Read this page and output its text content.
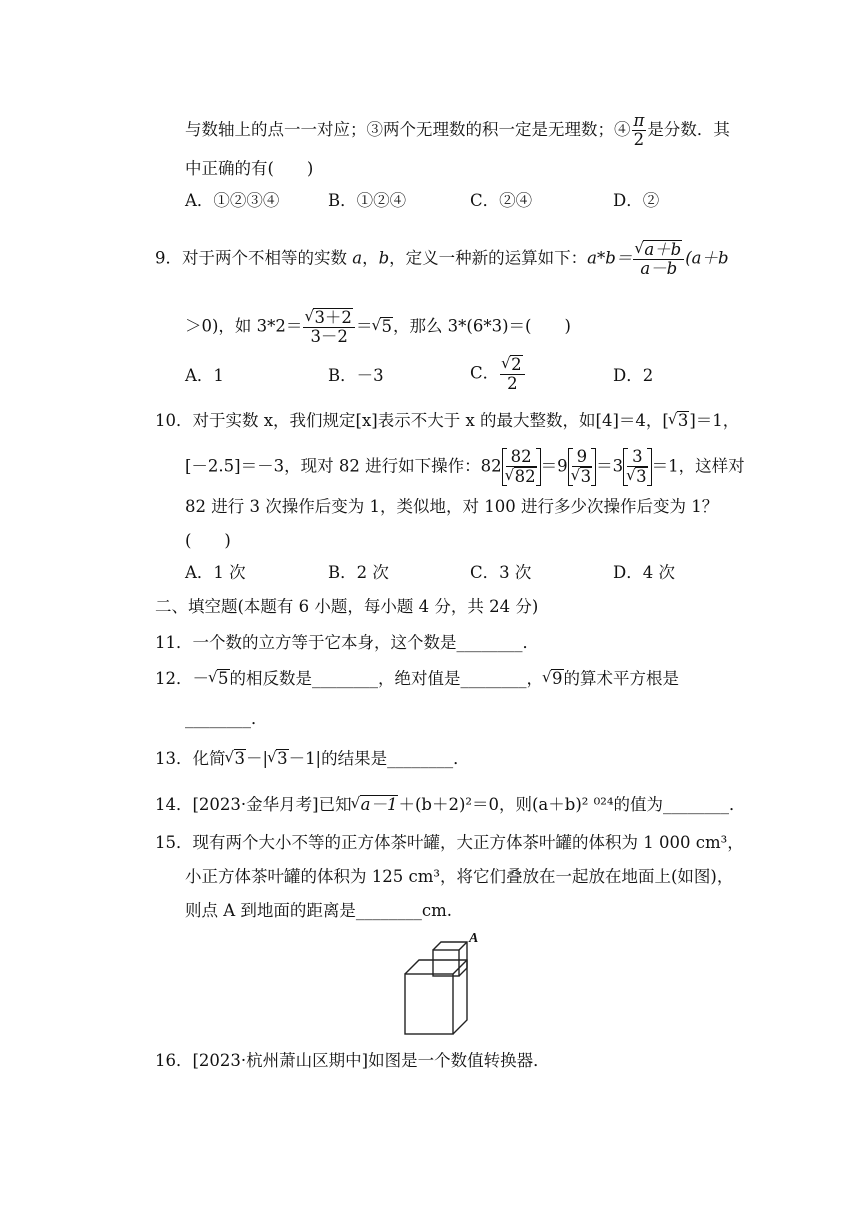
与数轴上的点一一对应；③两个无理数的积一定是无理数；④ $\frac{\pi}{2}$ 是分数．其
中正确的有(　　)
A．①②③④	B．①②④	C．②④	D．②
9．对于两个不相等的实数 a，b，定义一种新的运算如下：a*b＝ √ $\frac{a+b}{a-b} (a+b$
＞0)，如 3*2＝ √ $\frac{3+2}{3-2}$ ＝ √ 5，那么 3*(6*3)＝(　　)
A．1	B．－3	C． √ $\frac{2}{2}$	D．2
10．对于实数 x，我们规定[x]表示不大于 x 的最大整数，如[4]＝4，[ √ 3]＝1，
[－2.5]＝－3，现对 82 进行如下操作：82 82
√ 82 ＝9 9
√ 3 ＝3 3
√ 3 ＝1，这样对
82 进行 3 次操作后变为 1，类似地，对 100 进行多少次操作后变为 1？
(　　)
A．1 次	B．2 次	C．3 次	D．4 次
二、填空题(本题有 6 小题，每小题 4 分，共 24 分)
11．一个数的立方等于它本身，这个数是________．
12．－ √ 5的相反数是________，绝对值是________， √ 9的算术平方根是
________．
13．化简 √ 3－| √ 3－1|的结果是________．
14．[2023·金华月考]已知 √ a－1＋(b＋2)²＝0，则(a＋b)² ⁰²⁴的值为________．
15．现有两个大小不等的正方体茶叶罐，大正方体茶叶罐的体积为 1 000 cm³，
小正方体茶叶罐的体积为 125 cm³，将它们叠放在一起放在地面上(如图)，
则点 A 到地面的距离是________cm.
A
16．[2023·杭州萧山区期中]如图是一个数值转换器．
